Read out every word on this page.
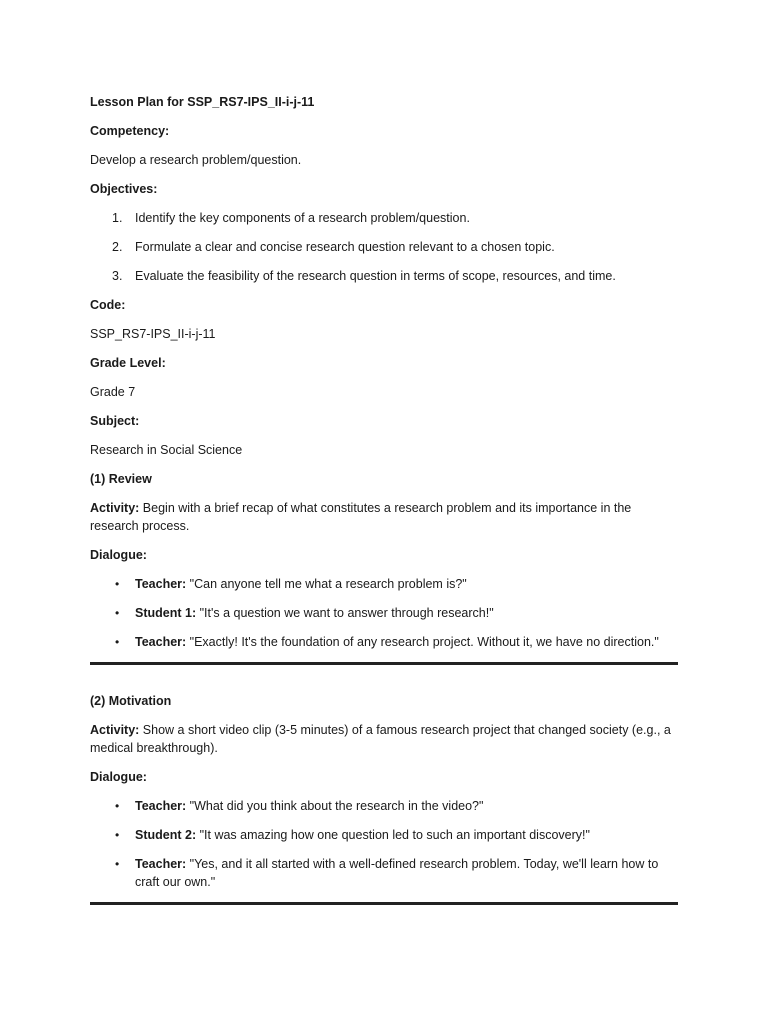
Lesson Plan for SSP_RS7-IPS_II-i-j-11

Competency:

Develop a research problem/question.

Objectives:

1. Identify the key components of a research problem/question.
2. Formulate a clear and concise research question relevant to a chosen topic.
3. Evaluate the feasibility of the research question in terms of scope, resources, and time.

Code:

SSP_RS7-IPS_II-i-j-11

Grade Level:

Grade 7

Subject:

Research in Social Science

(1) Review

Activity: Begin with a brief recap of what constitutes a research problem and its importance in the research process.

Dialogue:

• Teacher: "Can anyone tell me what a research problem is?"
• Student 1: "It's a question we want to answer through research!"
• Teacher: "Exactly! It's the foundation of any research project. Without it, we have no direction."

(2) Motivation

Activity: Show a short video clip (3-5 minutes) of a famous research project that changed society (e.g., a medical breakthrough).

Dialogue:

• Teacher: "What did you think about the research in the video?"
• Student 2: "It was amazing how one question led to such an important discovery!"
• Teacher: "Yes, and it all started with a well-defined research problem. Today, we'll learn how to craft our own."
